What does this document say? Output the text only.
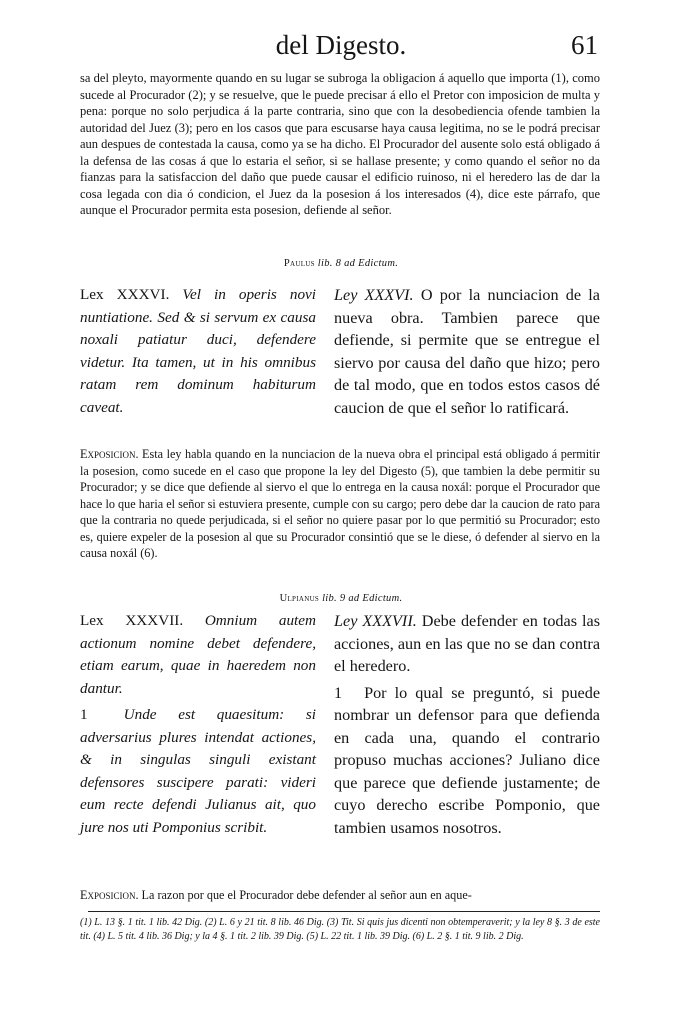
del Digesto.	61
sa del pleyto, mayormente quando en su lugar se subroga la obligacion á aquello que importa (1), como sucede al Procurador (2); y se resuelve, que le puede precisar á ello el Pretor con imposicion de multa y pena: porque no solo perjudica á la parte contraria, sino que con la desobediencia ofende tambien la autoridad del Juez (3); pero en los casos que para escusarse haya causa legitima, no se le podrá precisar aun despues de contestada la causa, como ya se ha dicho. El Procurador del ausente solo está obligado á la defensa de las cosas á que lo estaria el señor, si se hallase presente; y como quando el señor no da fianzas para la satisfaccion del daño que puede causar el edificio ruinoso, ni el heredero las de dar la cosa legada con dia ó condicion, el Juez da la posesion á los interesados (4), dice este párrafo, que aunque el Procurador permita esta posesion, defiende al señor.
Paulus lib. 8 ad Edictum.
Lex XXXVI. Vel in operis novi nuntiatione. Sed & si servum ex causa noxali patiatur duci, defendere videtur. Ita tamen, ut in his omnibus ratam rem dominum habiturum caveat.
Ley XXXVI. O por la nunciacion de la nueva obra. Tambien parece que defiende, si permite que se entregue el siervo por causa del daño que hizo; pero de tal modo, que en todos estos casos dé caucion de que el señor lo ratificará.
Exposicion. Esta ley habla quando en la nunciacion de la nueva obra el principal está obligado á permitir la posesion, como sucede en el caso que propone la ley del Digesto (5), que tambien la debe permitir su Procurador; y se dice que defiende al siervo el que lo entrega en la causa noxál: porque el Procurador que hace lo que haria el señor si estuviera presente, cumple con su cargo; pero debe dar la caucion de rato para que la contraria no quede perjudicada, si el señor no quiere pasar por lo que permitió su Procurador; esto es, quiere expeler de la posesion al que su Procurador consintió que se le diese, ó defender al siervo en la causa noxál (6).
Ulpianus lib. 9 ad Edictum.
Lex XXXVII. Omnium autem actionum nomine debet defendere, etiam earum, quae in haeredem non dantur.
1 Unde est quaesitum: si adversarius plures intendat actiones, & in singulas singuli existant defensores suscipere parati: videri eum recte defendi Julianus ait, quo jure nos uti Pomponius scribit.
Ley XXXVII. Debe defender en todas las acciones, aun en las que no se dan contra el heredero.
1 Por lo qual se preguntó, si puede nombrar un defensor para que defienda en cada una, quando el contrario propuso muchas acciones? Juliano dice que parece que defiende justamente; de cuyo derecho escribe Pomponio, que tambien usamos nosotros.
Exposicion. La razon por que el Procurador debe defender al señor aun en aque-
(1) L. 13 §. 1 tit. 1 lib. 42 Dig. (2) L. 6 y 21 tit. 8 lib. 46 Dig. (3) Tit. Si quis jus dicenti non obtemperaverit; y la ley 8 §. 3 de este tit. (4) L. 5 tit. 4 lib. 36 Dig; y la 4 §. 1 tit. 2 lib. 39 Dig. (5) L. 22 tit. 1 lib. 39 Dig. (6) L. 2 §. 1 tit. 9 lib. 2 Dig.
